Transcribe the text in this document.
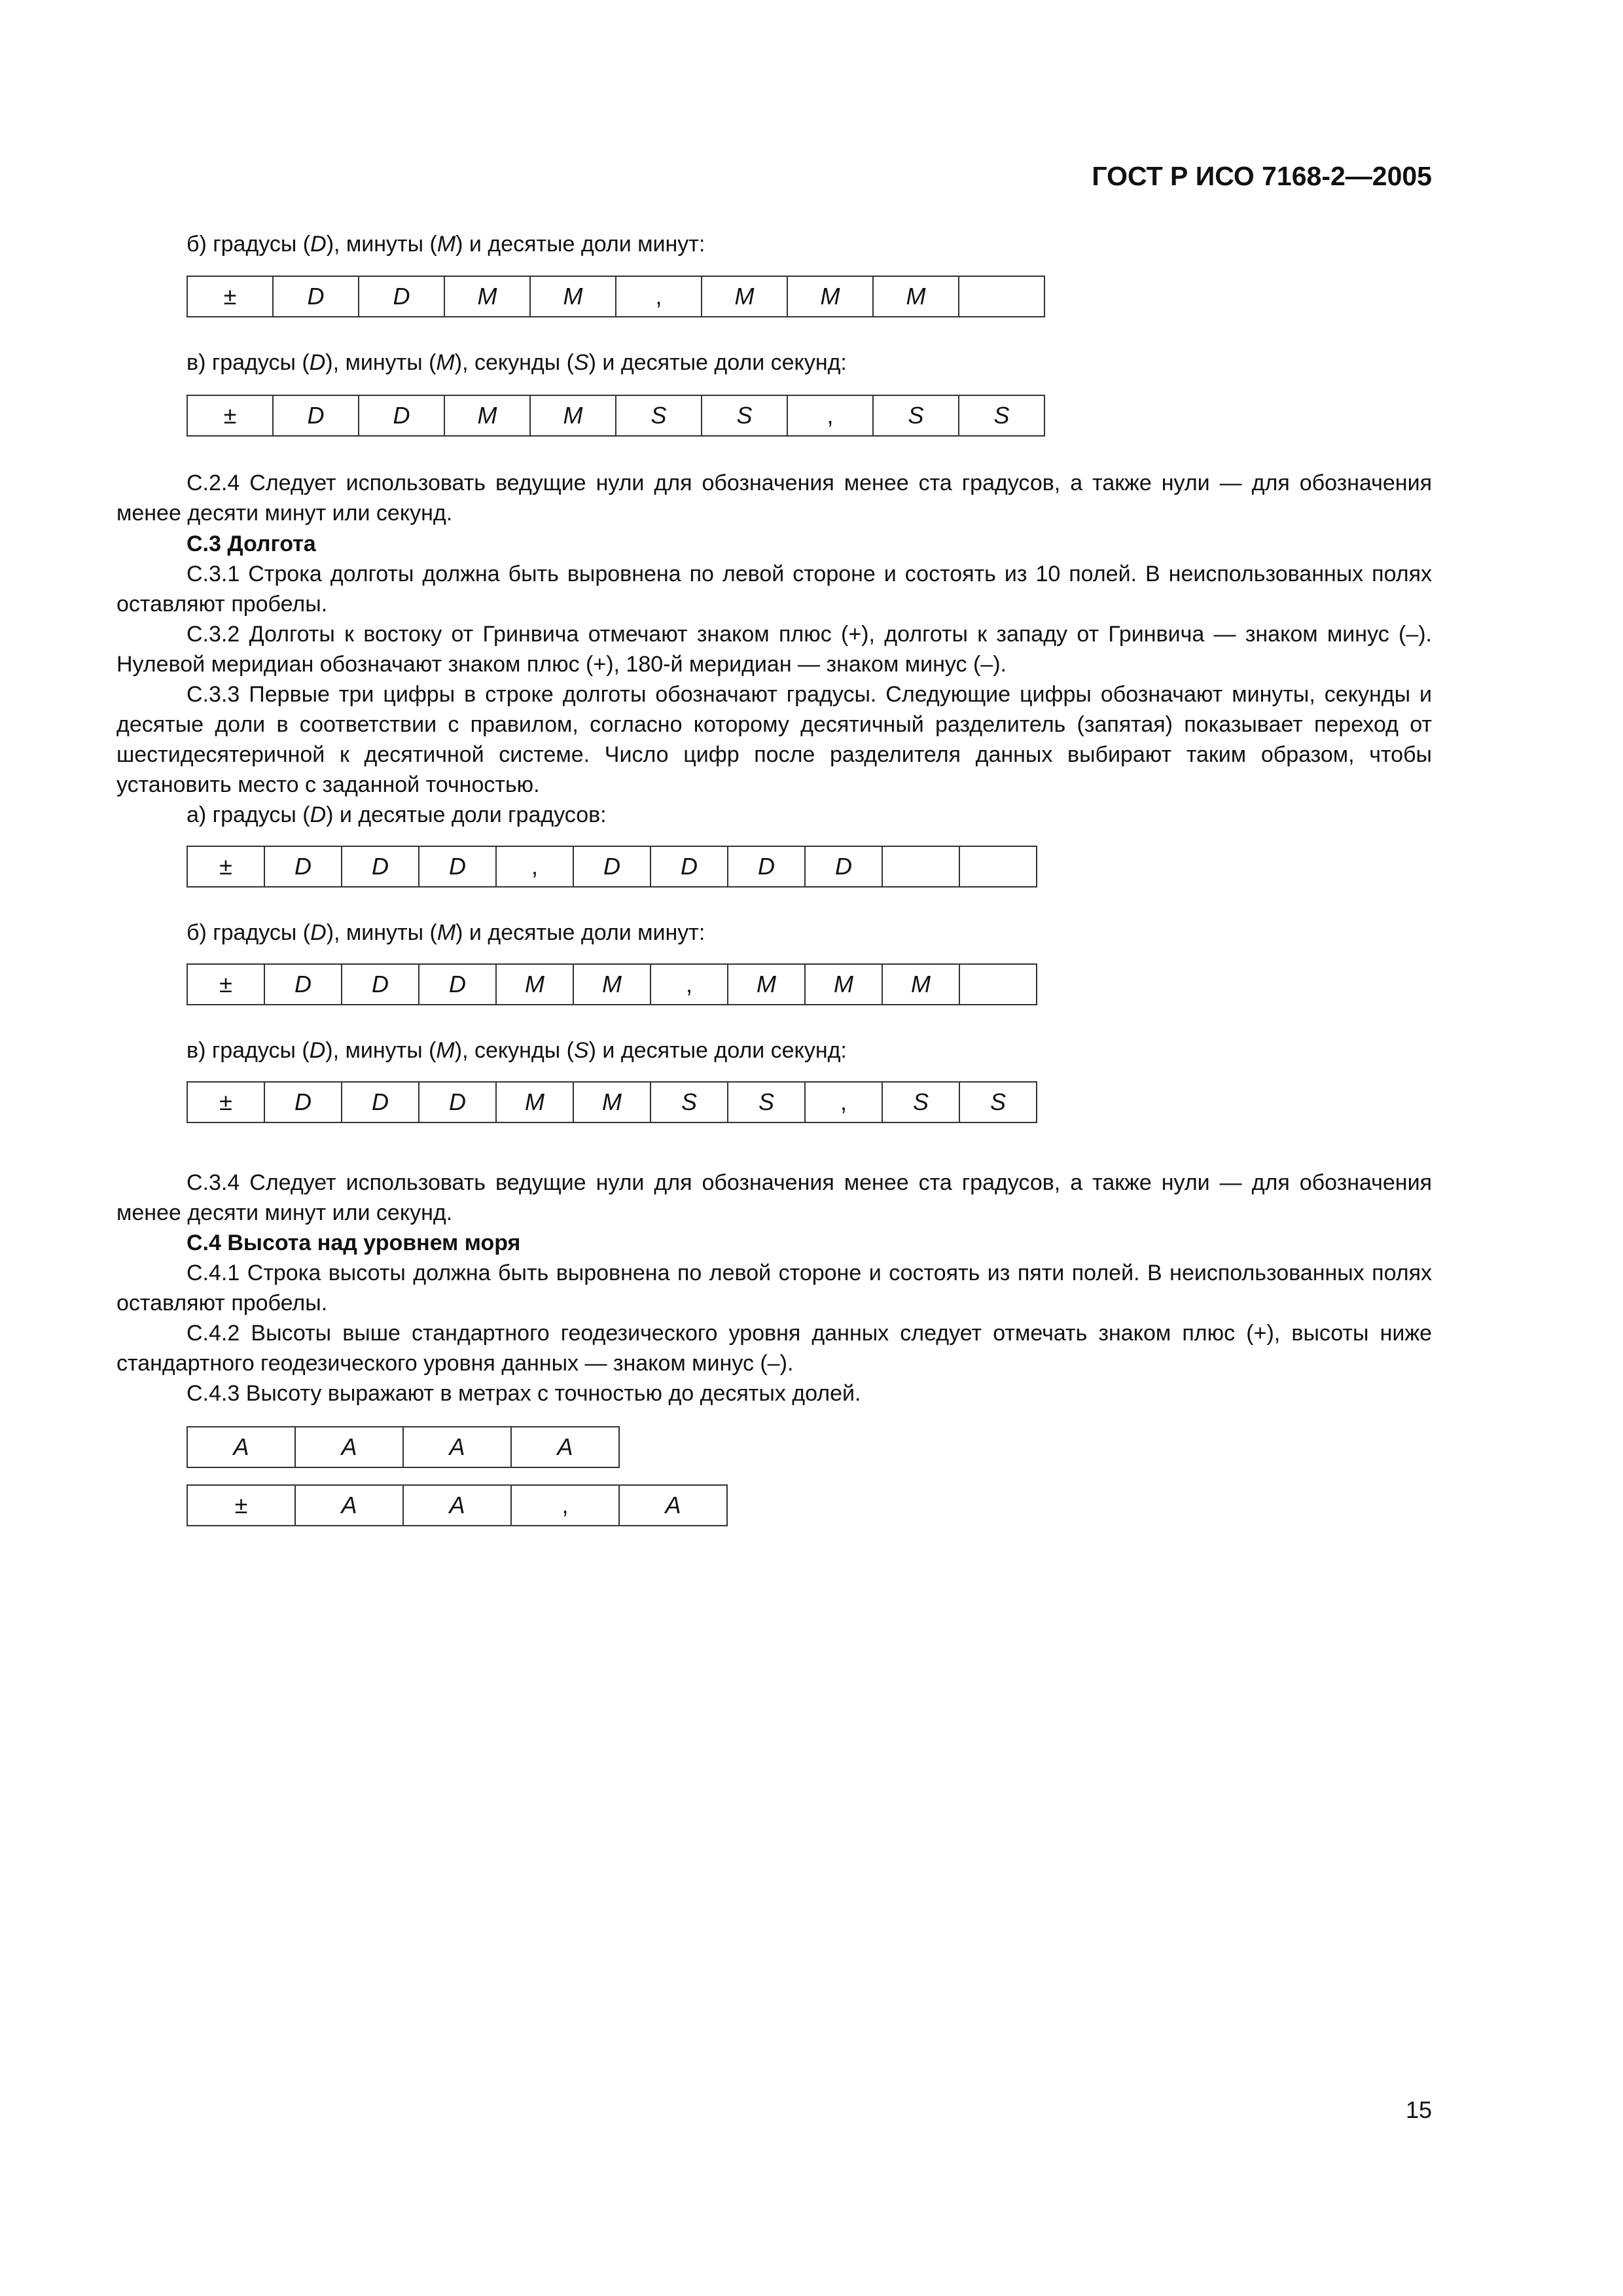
ГОСТ Р ИСО 7168-2—2005
б) градусы (D), минуты (M) и десятые доли минут:
±	D	D	M	M	,	M	M	M	
в) градусы (D), минуты (M), секунды (S) и десятые доли секунд:
±	D	D	M	M	S	S	,	S	S
С.2.4 Следует использовать ведущие нули для обозначения менее ста градусов, а также нули — для обозначения менее десяти минут или секунд.
С.3 Долгота
С.3.1 Строка долготы должна быть выровнена по левой стороне и состоять из 10 полей. В неиспользованных полях оставляют пробелы.
С.3.2 Долготы к востоку от Гринвича отмечают знаком плюс (+), долготы к западу от Гринвича — знаком минус (–). Нулевой меридиан обозначают знаком плюс (+), 180-й меридиан — знаком минус (–).
С.3.3 Первые три цифры в строке долготы обозначают градусы. Следующие цифры обозначают минуты, секунды и десятые доли в соответствии с правилом, согласно которому десятичный разделитель (запятая) показывает переход от шестидесятеричной к десятичной системе. Число цифр после разделителя данных выбирают таким образом, чтобы установить место с заданной точностью.
а) градусы (D) и десятые доли градусов:
±	D	D	D	,	D	D	D	D		
б) градусы (D), минуты (M) и десятые доли минут:
±	D	D	D	M	M	,	M	M	M	
в) градусы (D), минуты (M), секунды (S) и десятые доли секунд:
±	D	D	D	M	M	S	S	,	S	S
С.3.4 Следует использовать ведущие нули для обозначения менее ста градусов, а также нули — для обозначения менее десяти минут или секунд.
С.4 Высота над уровнем моря
С.4.1 Строка высоты должна быть выровнена по левой стороне и состоять из пяти полей. В неиспользованных полях оставляют пробелы.
С.4.2 Высоты выше стандартного геодезического уровня данных следует отмечать знаком плюс (+), высоты ниже стандартного геодезического уровня данных — знаком минус (–).
С.4.3 Высоту выражают в метрах с точностью до десятых долей.
A	A	A	A
±	A	A	,	A
15
